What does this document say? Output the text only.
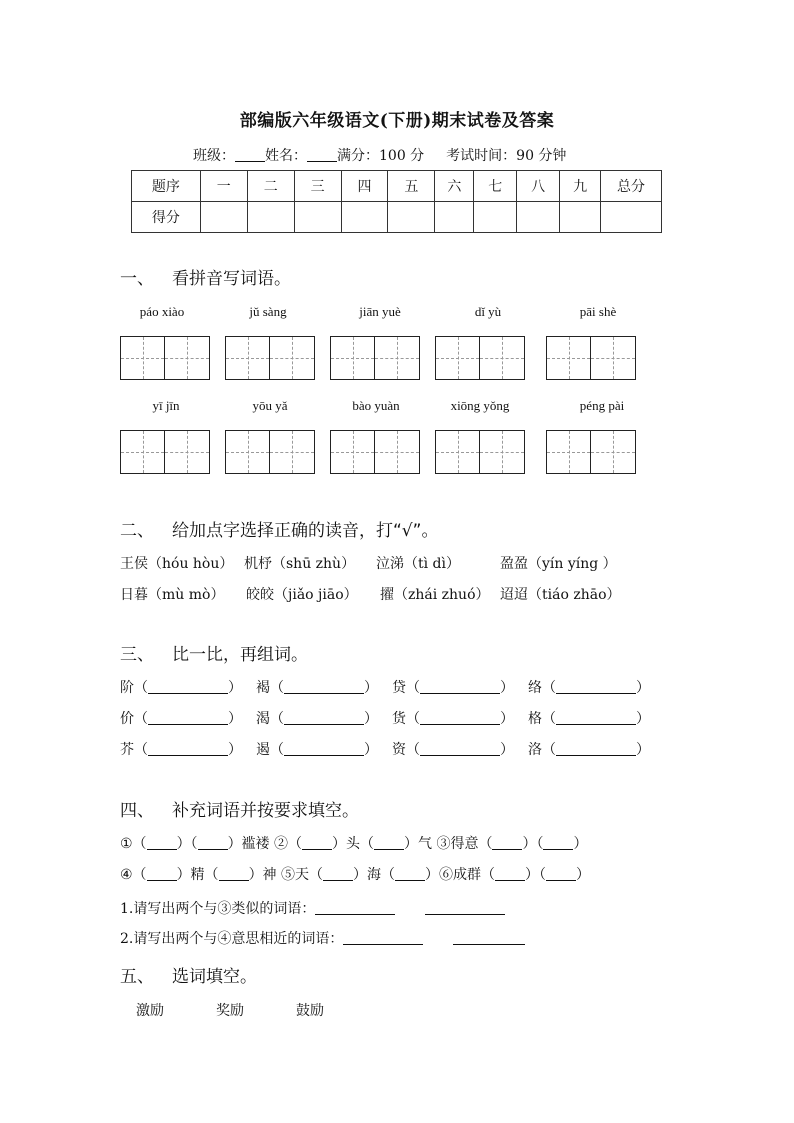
部编版六年级语文(下册)期末试卷及答案
班级： 姓名： 满分：100 分 考试时间：90 分钟
题序	一	二	三	四	五	六	七	八	九	总分
得分										
一、 看拼音写词语。
páo xiào	jǔ sàng	jiān yuè	dǐ yù	pāi shè
yī jīn	yōu yǎ	bào yuàn	xiōng yǒng	péng pài
二、 给加点字选择正确的读音，打“√”。
王侯（hóu hòu） 机杼（shū zhù） 泣涕（tì dì）	盈盈（yín yíng ）
日暮（mù mò） 皎皎（jiǎo jiāo） 擢（zhái zhuó） 迢迢（tiáo zhāo）
三、 比一比，再组词。
阶（	） 褐（	） 贷（	） 络（	）
价（	） 渴（	） 货（	） 格（	）
芥（	） 遏（	） 资（	） 洛（	）
四、 补充词语并按要求填空。
①（ ）（ ）褴褛 ②（ ）头（ ）气 ③得意（ ）（ ）
④（ ）精（ ）神 ⑤天（ ）海（ ）⑥成群（ ）（ ）
1.请写出两个与③类似的词语：
2.请写出两个与④意思相近的词语：
五、 选词填空。
激励	奖励	鼓励
